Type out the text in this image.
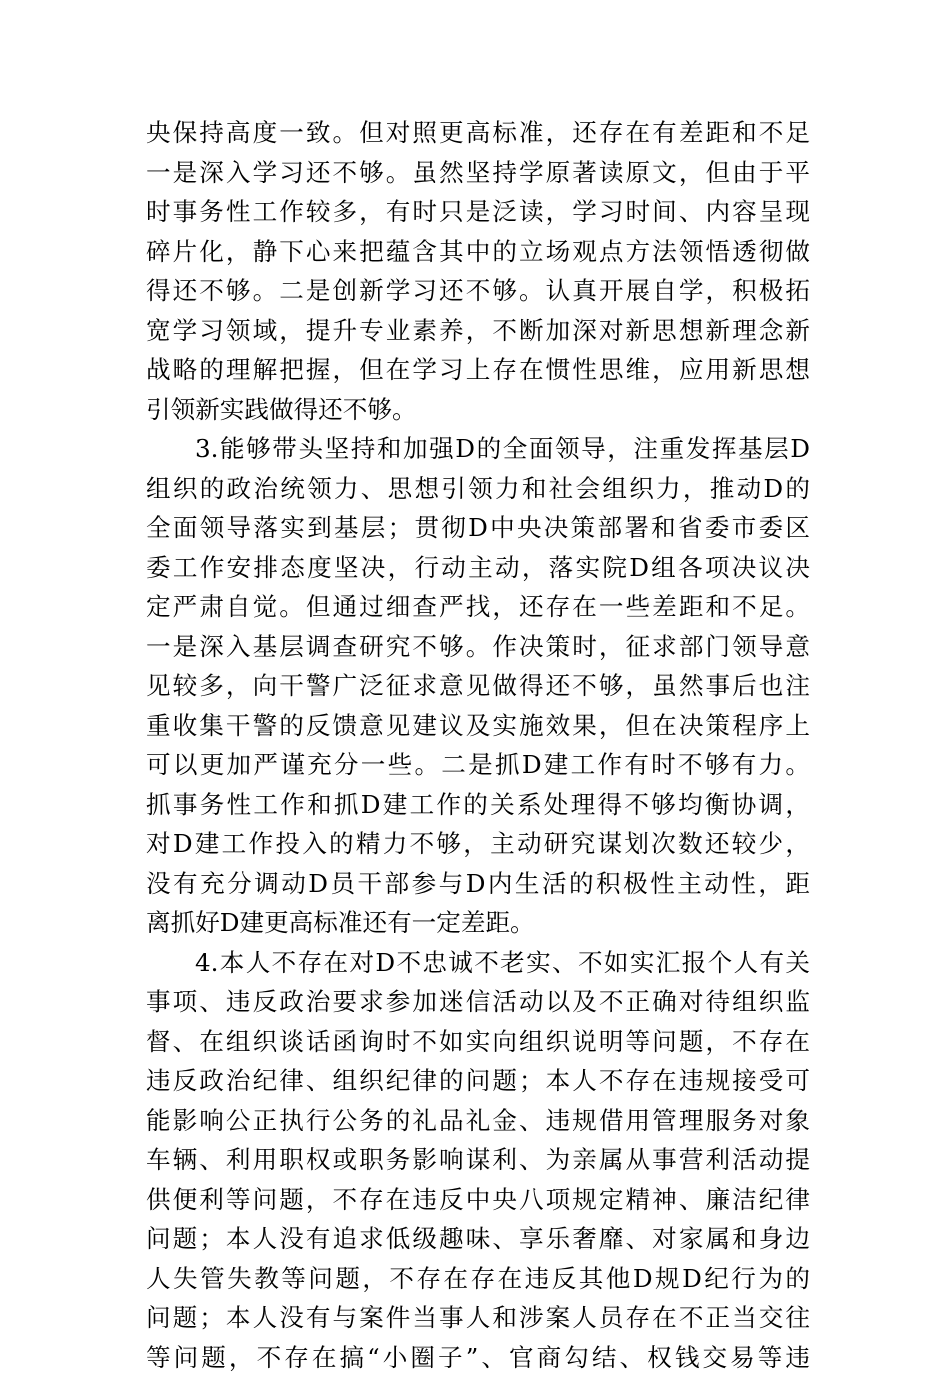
央保持高度一致。但对照更高标准，还存在有差距和不足
一是深入学习还不够。虽然坚持学原著读原文，但由于平
时事务性工作较多，有时只是泛读，学习时间、内容呈现
碎片化，静下心来把蕴含其中的立场观点方法领悟透彻做
得还不够。二是创新学习还不够。认真开展自学，积极拓
宽学习领域，提升专业素养，不断加深对新思想新理念新
战略的理解把握，但在学习上存在惯性思维，应用新思想
引领新实践做得还不够。
3.能够带头坚持和加强D的全面领导，注重发挥基层D
组织的政治统领力、思想引领力和社会组织力，推动D的
全面领导落实到基层；贯彻D中央决策部署和省委市委区
委工作安排态度坚决，行动主动，落实院D组各项决议决
定严肃自觉。但通过细查严找，还存在一些差距和不足。
一是深入基层调查研究不够。作决策时，征求部门领导意
见较多，向干警广泛征求意见做得还不够，虽然事后也注
重收集干警的反馈意见建议及实施效果，但在决策程序上
可以更加严谨充分一些。二是抓D建工作有时不够有力。
抓事务性工作和抓D建工作的关系处理得不够均衡协调，
对D建工作投入的精力不够，主动研究谋划次数还较少，
没有充分调动D员干部参与D内生活的积极性主动性，距
离抓好D建更高标准还有一定差距。
4.本人不存在对D不忠诚不老实、不如实汇报个人有关
事项、违反政治要求参加迷信活动以及不正确对待组织监
督、在组织谈话函询时不如实向组织说明等问题，不存在
违反政治纪律、组织纪律的问题；本人不存在违规接受可
能影响公正执行公务的礼品礼金、违规借用管理服务对象
车辆、利用职权或职务影响谋利、为亲属从事营利活动提
供便利等问题，不存在违反中央八项规定精神、廉洁纪律
问题；本人没有追求低级趣味、享乐奢靡、对家属和身边
人失管失教等问题，不存在存在违反其他D规D纪行为的
问题；本人没有与案件当事人和涉案人员存在不正当交往
等问题，不存在搞“小圈子”、官商勾结、权钱交易等违
